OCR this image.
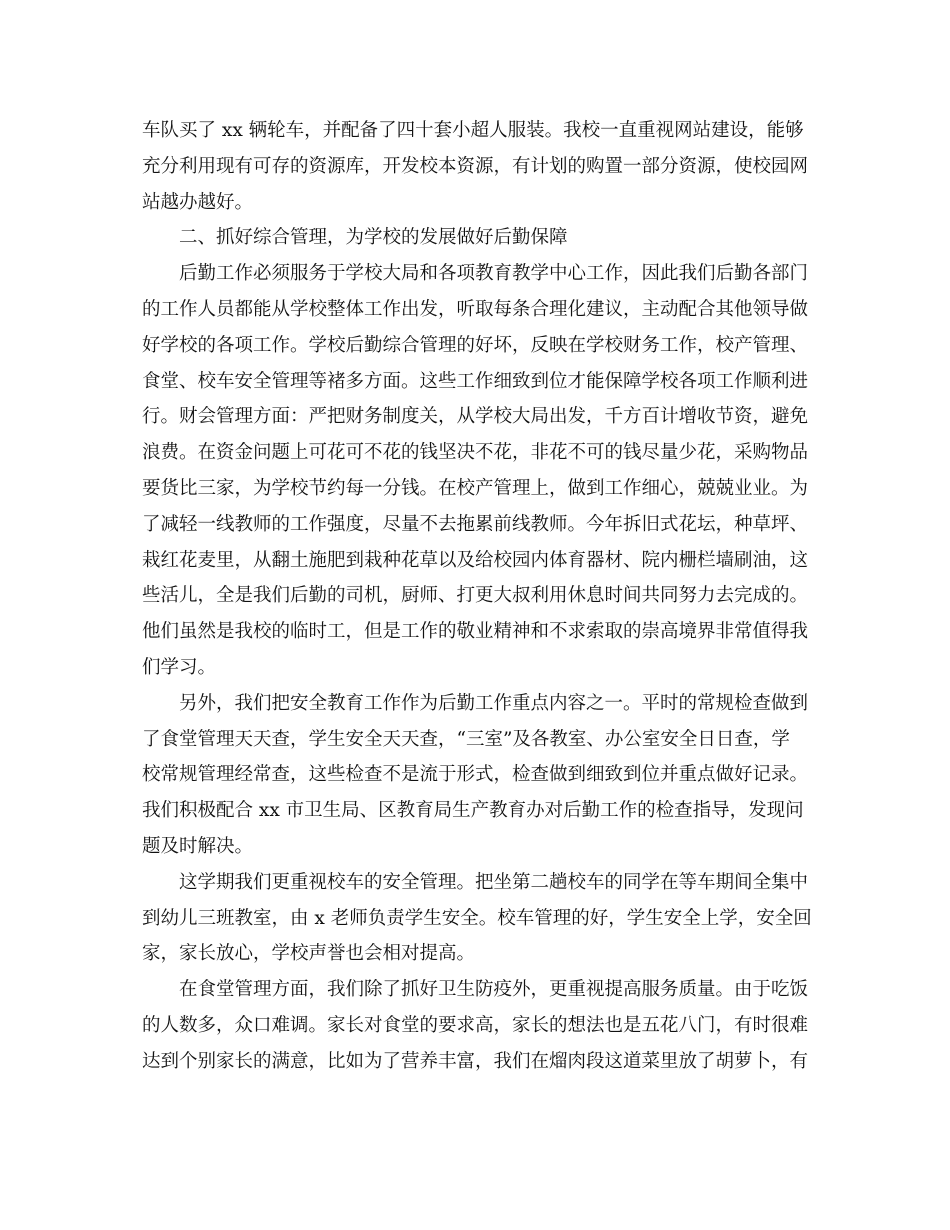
车队买了 xx 辆轮车，并配备了四十套小超人服装。我校一直重视网站建设，能够
充分利用现有可存的资源库，开发校本资源，有计划的购置一部分资源，使校园网
站越办越好。
二、抓好综合管理，为学校的发展做好后勤保障
后勤工作必须服务于学校大局和各项教育教学中心工作，因此我们后勤各部门
的工作人员都能从学校整体工作出发，听取每条合理化建议，主动配合其他领导做
好学校的各项工作。学校后勤综合管理的好坏，反映在学校财务工作，校产管理、
食堂、校车安全管理等褚多方面。这些工作细致到位才能保障学校各项工作顺利进
行。财会管理方面：严把财务制度关，从学校大局出发，千方百计增收节资，避免
浪费。在资金问题上可花可不花的钱坚决不花，非花不可的钱尽量少花，采购物品
要货比三家，为学校节约每一分钱。在校产管理上，做到工作细心，兢兢业业。为
了减轻一线教师的工作强度，尽量不去拖累前线教师。今年拆旧式花坛，种草坪、
栽红花麦里，从翻土施肥到栽种花草以及给校园内体育器材、院内栅栏墙刷油，这
些活儿，全是我们后勤的司机，厨师、打更大叔利用休息时间共同努力去完成的。
他们虽然是我校的临时工，但是工作的敬业精神和不求索取的崇高境界非常值得我
们学习。
另外，我们把安全教育工作作为后勤工作重点内容之一。平时的常规检查做到
了食堂管理天天查，学生安全天天查，“三室”及各教室、办公室安全日日查，学
校常规管理经常查，这些检查不是流于形式，检查做到细致到位并重点做好记录。
我们积极配合 xx 市卫生局、区教育局生产教育办对后勤工作的检查指导，发现问
题及时解决。
这学期我们更重视校车的安全管理。把坐第二趟校车的同学在等车期间全集中
到幼儿三班教室，由 x 老师负责学生安全。校车管理的好，学生安全上学，安全回
家，家长放心，学校声誉也会相对提高。
在食堂管理方面，我们除了抓好卫生防疫外，更重视提高服务质量。由于吃饭
的人数多，众口难调。家长对食堂的要求高，家长的想法也是五花八门，有时很难
达到个别家长的满意，比如为了营养丰富，我们在熘肉段这道菜里放了胡萝卜，有
